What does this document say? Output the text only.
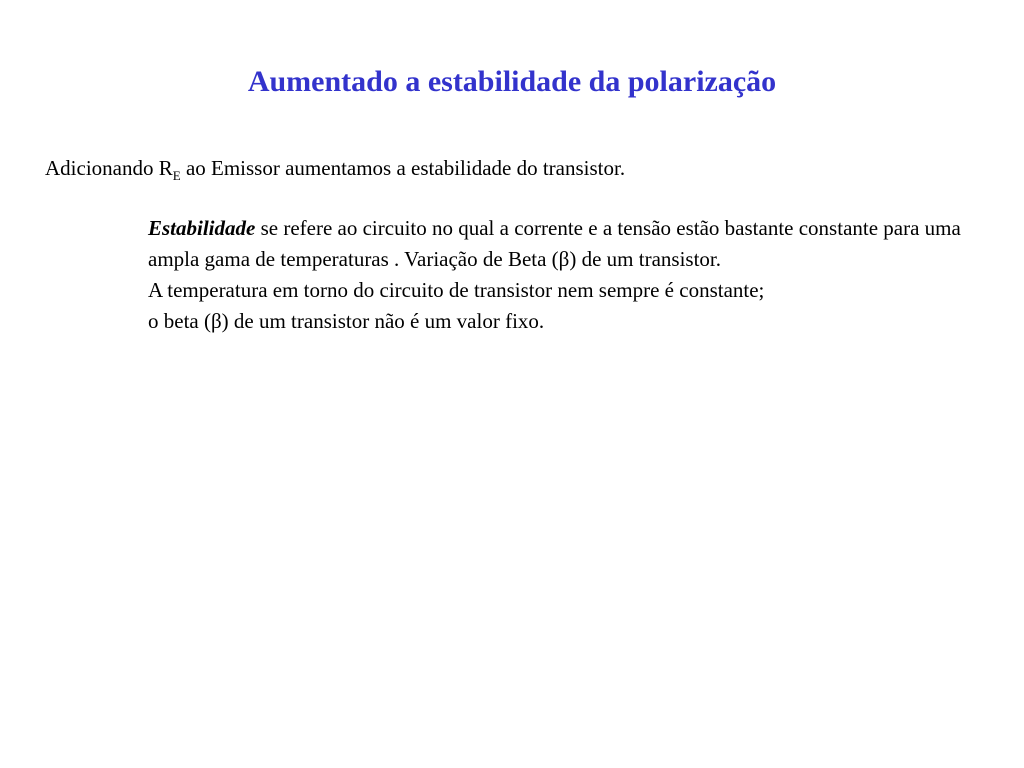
Aumentado a estabilidade da polarização
Adicionando $R_E$ ao Emissor aumentamos a estabilidade do transistor.

Estabilidade se refere ao circuito no qual a corrente e a tensão estão bastante constante para uma ampla gama de temperaturas . Variação de Beta (β) de um transistor.

A temperatura em torno do circuito de transistor nem sempre é constante;

o beta (β) de um transistor não é um valor fixo.
